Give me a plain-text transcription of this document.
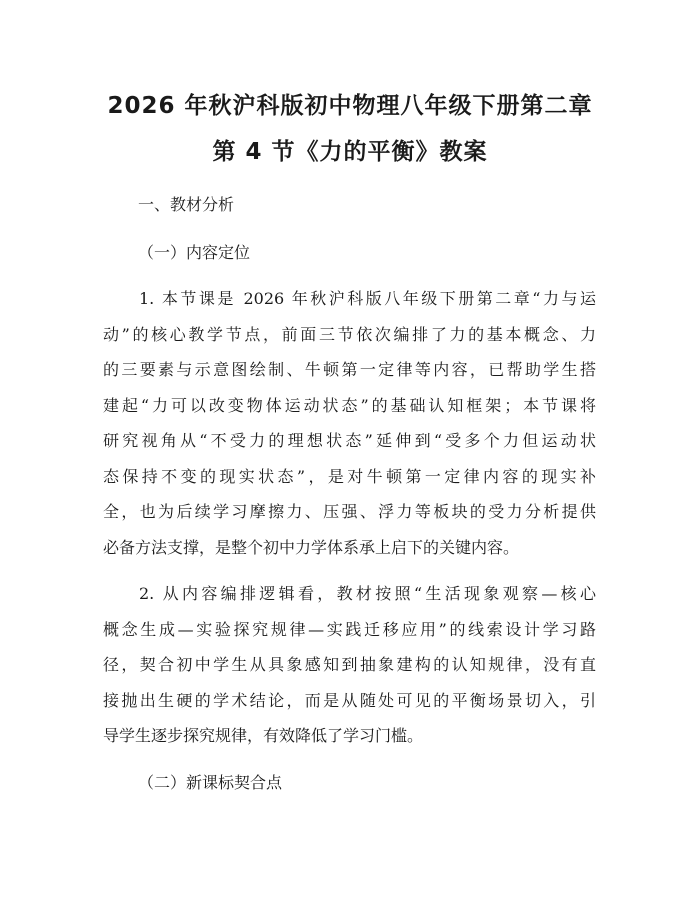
2026 年秋沪科版初中物理八年级下册第二章
第 4 节《力的平衡》教案
一、教材分析
（一）内容定位
1. 本节课是 2026 年秋沪科版八年级下册第二章“力与运
动”的核心教学节点，前面三节依次编排了力的基本概念、力
的三要素与示意图绘制、牛顿第一定律等内容，已帮助学生搭
建起“力可以改变物体运动状态”的基础认知框架；本节课将
研究视角从“不受力的理想状态”延伸到“受多个力但运动状
态保持不变的现实状态”，是对牛顿第一定律内容的现实补
全，也为后续学习摩擦力、压强、浮力等板块的受力分析提供
必备方法支撑，是整个初中力学体系承上启下的关键内容。
2. 从内容编排逻辑看，教材按照“生活现象观察—核心
概念生成—实验探究规律—实践迁移应用”的线索设计学习路
径，契合初中学生从具象感知到抽象建构的认知规律，没有直
接抛出生硬的学术结论，而是从随处可见的平衡场景切入，引
导学生逐步探究规律，有效降低了学习门槛。
（二）新课标契合点
